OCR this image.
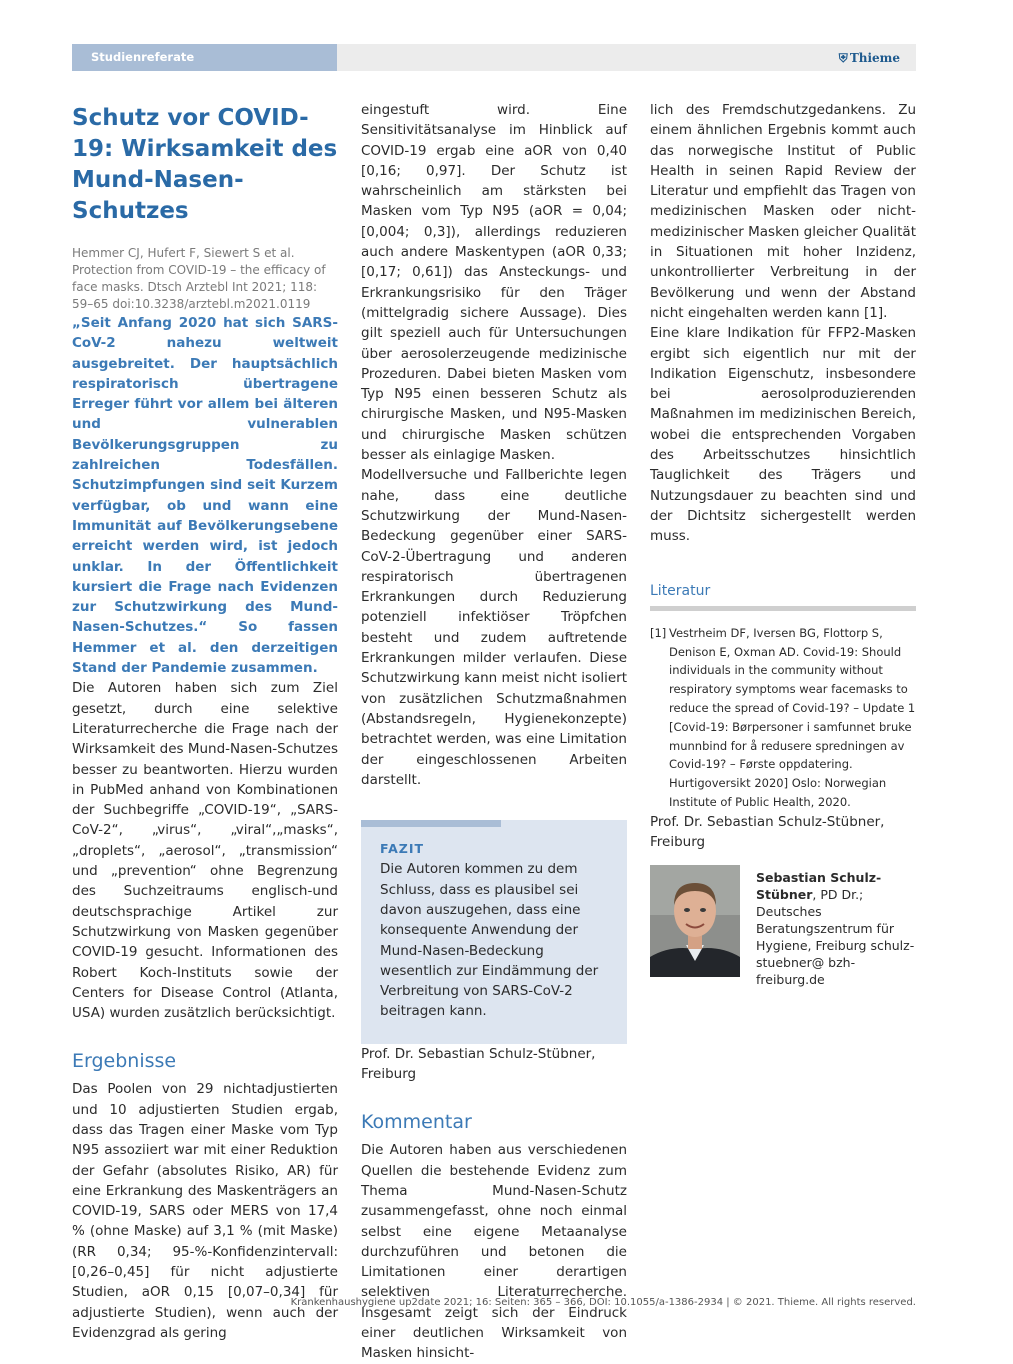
Studienreferate	⛨ Thieme
Schutz vor COVID-19: Wirksamkeit des Mund-Nasen-Schutzes
Hemmer CJ, Hufert F, Siewert S et al. Protection from COVID-19 – the efficacy of face masks. Dtsch Arztebl Int 2021; 118: 59–65 doi:10.3238/arztebl.m2021.0119

„Seit Anfang 2020 hat sich SARS-CoV-2 nahezu weltweit ausgebreitet. Der hauptsächlich respiratorisch übertragene Erreger führt vor allem bei älteren und vulnerablen Bevölkerungsgruppen zu zahlreichen Todesfällen. Schutzimpfungen sind seit Kurzem verfügbar, ob und wann eine Immunität auf Bevölkerungsebene erreicht werden wird, ist jedoch unklar. In der Öffentlichkeit kursiert die Frage nach Evidenzen zur Schutzwirkung des Mund-Nasen-Schutzes.“ So fassen Hemmer et al. den derzeitigen Stand der Pandemie zusammen.

Die Autoren haben sich zum Ziel gesetzt, durch eine selektive Literaturrecherche die Frage nach der Wirksamkeit des Mund-Nasen-Schutzes besser zu beantworten. Hierzu wurden in PubMed anhand von Kombinationen der Suchbegriffe „COVID-19“, „SARS-CoV-2“, „virus“, „viral“,„masks“, „droplets“, „aerosol“, „transmission“ und „prevention“ ohne Begrenzung des Suchzeitraums englisch-und deutschsprachige Artikel zur Schutzwirkung von Masken gegenüber COVID-19 gesucht. Informationen des Robert Koch-Instituts sowie der Centers for Disease Control (Atlanta, USA) wurden zusätzlich berücksichtigt.

Ergebnisse

Das Poolen von 29 nichtadjustierten und 10 adjustierten Studien ergab, dass das Tragen einer Maske vom Typ N95 assoziiert war mit einer Reduktion der Gefahr (absolutes Risiko, AR) für eine Erkrankung des Maskenträgers an COVID-19, SARS oder MERS von 17,4 % (ohne Maske) auf 3,1 % (mit Maske) (RR 0,34; 95-%-Konfidenzintervall: [0,26–0,45] für nicht adjustierte Studien, aOR 0,15 [0,07–0,34] für adjustierte Studien), wenn auch der Evidenzgrad als gering

eingestuft wird. Eine Sensitivitätsanalyse im Hinblick auf COVID-19 ergab eine aOR von 0,40 [0,16; 0,97]. Der Schutz ist wahrscheinlich am stärksten bei Masken vom Typ N95 (aOR = 0,04; [0,004; 0,3]), allerdings reduzieren auch andere Maskentypen (aOR 0,33; [0,17; 0,61]) das Ansteckungs- und Erkrankungsrisiko für den Träger (mittelgradig sichere Aussage). Dies gilt speziell auch für Untersuchungen über aerosolerzeugende medizinische Prozeduren. Dabei bieten Masken vom Typ N95 einen besseren Schutz als chirurgische Masken, und N95-Masken und chirurgische Masken schützen besser als einlagige Masken.

Modellversuche und Fallberichte legen nahe, dass eine deutliche Schutzwirkung der Mund-Nasen-Bedeckung gegenüber einer SARS-CoV-2-Übertragung und anderen respiratorisch übertragenen Erkrankungen durch Reduzierung potenziell infektiöser Tröpfchen besteht und zudem auftretende Erkrankungen milder verlaufen. Diese Schutzwirkung kann meist nicht isoliert von zusätzlichen Schutzmaßnahmen (Abstandsregeln, Hygienekonzepte) betrachtet werden, was eine Limitation der eingeschlossenen Arbeiten darstellt.

FAZIT

Die Autoren kommen zu dem Schluss, dass es plausibel sei davon auszugehen, dass eine konsequente Anwendung der Mund-Nasen-Bedeckung wesentlich zur Eindämmung der Verbreitung von SARS-CoV-2 beitragen kann.

Prof. Dr. Sebastian Schulz-Stübner, Freiburg

Kommentar

Die Autoren haben aus verschiedenen Quellen die bestehende Evidenz zum Thema Mund-Nasen-Schutz zusammengefasst, ohne noch einmal selbst eine eigene Metaanalyse durchzuführen und betonen die Limitationen einer derartigen selektiven Literaturrecherche. Insgesamt zeigt sich der Eindruck einer deutlichen Wirksamkeit von Masken hinsicht-

lich des Fremdschutzgedankens. Zu einem ähnlichen Ergebnis kommt auch das norwegische Institut of Public Health in seinen Rapid Review der Literatur und empfiehlt das Tragen von medizinischen Masken oder nicht-medizinischer Masken gleicher Qualität in Situationen mit hoher Inzidenz, unkontrollierter Verbreitung in der Bevölkerung und wenn der Abstand nicht eingehalten werden kann [1].

Eine klare Indikation für FFP2-Masken ergibt sich eigentlich nur mit der Indikation Eigenschutz, insbesondere bei aerosolproduzierenden Maßnahmen im medizinischen Bereich, wobei die entsprechenden Vorgaben des Arbeitsschutzes hinsichtlich Tauglichkeit des Trägers und Nutzungsdauer zu beachten sind und der Dichtsitz sichergestellt werden muss.

Literatur
[1] Vestrheim DF, Iversen BG, Flottorp S, Denison E, Oxman AD. Covid-19: Should individuals in the community without respiratory symptoms wear facemasks to reduce the spread of Covid-19? – Update 1 [Covid-19: Børpersoner i samfunnet bruke munnbind for å redusere spredningen av Covid-19? – Første oppdatering. Hurtigoversikt 2020] Oslo: Norwegian Institute of Public Health, 2020.

Prof. Dr. Sebastian Schulz-Stübner, Freiburg

Sebastian Schulz-Stübner, PD Dr.; Deutsches Beratungszentrum für Hygiene, Freiburg schulz-stuebner@ bzh-freiburg.de
Krankenhaushygiene up2date 2021; 16: Seiten: 365 – 366, DOI: 10.1055/a-1386-2934 | © 2021. Thieme. All rights reserved.
